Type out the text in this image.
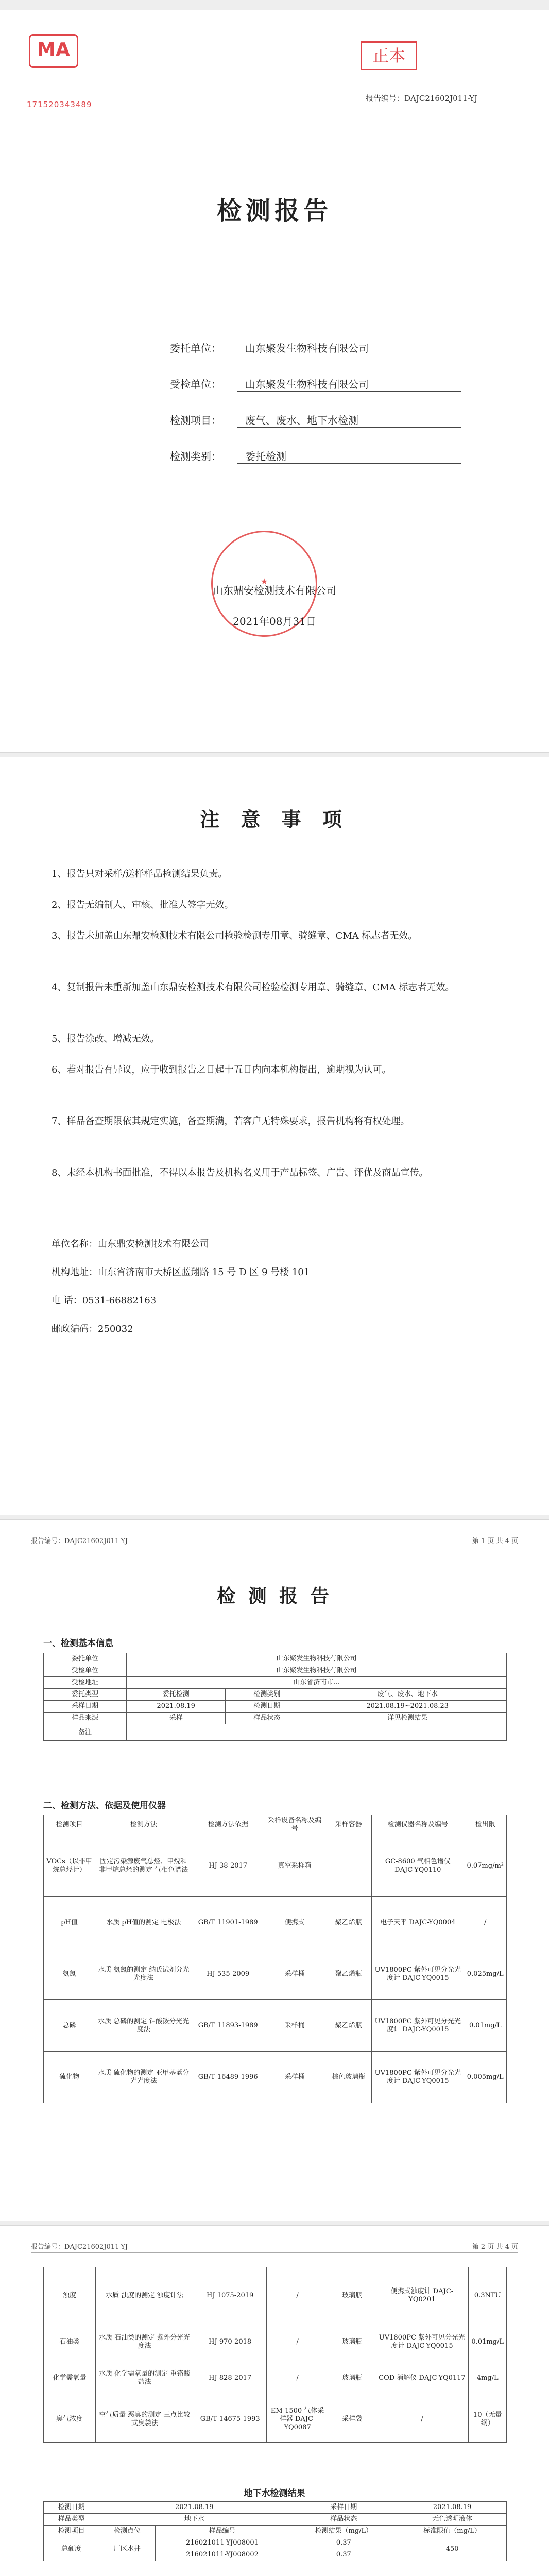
MA
171520343489
正本
报告编号：DAJC21602J011-YJ
检测报告
委托单位： 山东聚发生物科技有限公司
受检单位： 山东聚发生物科技有限公司
检测项目： 废气、废水、地下水检测
检测类别： 委托检测
★
山东鼎安检测技术有限公司
2021年08月31日
注 意 事 项
1、报告只对采样/送样样品检测结果负责。
2、报告无编制人、审核、批准人签字无效。
3、报告未加盖山东鼎安检测技术有限公司检验检测专用章、骑缝章、CMA 标志者无效。
4、复制报告未重新加盖山东鼎安检测技术有限公司检验检测专用章、骑缝章、CMA 标志者无效。
5、报告涂改、增减无效。
6、若对报告有异议，应于收到报告之日起十五日内向本机构提出，逾期视为认可。
7、样品备查期限依其规定实施，备查期满，若客户无特殊要求，报告机构将有权处理。
8、未经本机构书面批准，不得以本报告及机构名义用于产品标签、广告、评优及商品宣传。
单位名称：山东鼎安检测技术有限公司
机构地址：山东省济南市天桥区蓝翔路 15 号 D 区 9 号楼 101
电 话：0531-66882163
邮政编码：250032
报告编号：DAJC21602J011-YJ	第 1 页 共 4 页
检 测 报 告
一、检测基本信息
委托单位	山东聚发生物科技有限公司		
受检单位	山东聚发生物科技有限公司		
受检地址	山东省济南市...		
委托类型	委托检测	检测类别	废气、废水、地下水
采样日期	2021.08.19	检测日期	2021.08.19~2021.08.23
样品来源	采样	样品状态	详见检测结果
备注			
二、检测方法、依据及使用仪器
检测项目	检测方法	检测方法依据	采样设备名称及编号	采样容器	检测仪器名称及编号	检出限
VOCs（以非甲烷总烃计）	固定污染源废气总烃、甲烷和非甲烷总烃的测定 气相色谱法	HJ 38-2017	真空采样箱		GC-8600 气相色谱仪 DAJC-YQ0110	0.07mg/m³
pH值	水质 pH值的测定 电极法	GB/T 11901-1989	便携式	聚乙烯瓶	电子天平 DAJC-YQ0004	/
氨氮	水质 氨氮的测定 纳氏试剂分光光度法	HJ 535-2009	采样桶	聚乙烯瓶	UV1800PC 紫外可见分光光度计 DAJC-YQ0015	0.025mg/L
总磷	水质 总磷的测定 钼酸铵分光光度法	GB/T 11893-1989	采样桶	聚乙烯瓶	UV1800PC 紫外可见分光光度计 DAJC-YQ0015	0.01mg/L
硫化物	水质 硫化物的测定 亚甲基蓝分光光度法	GB/T 16489-1996	采样桶	棕色玻璃瓶	UV1800PC 紫外可见分光光度计 DAJC-YQ0015	0.005mg/L
报告编号：DAJC21602J011-YJ	第 2 页 共 4 页
浊度	水质 浊度的测定 浊度计法	HJ 1075-2019	/	玻璃瓶	便携式浊度计 DAJC-YQ0201	0.3NTU
石油类	水质 石油类的测定 紫外分光光度法	HJ 970-2018	/	玻璃瓶	UV1800PC 紫外可见分光光度计 DAJC-YQ0015	0.01mg/L
化学需氧量	水质 化学需氧量的测定 重铬酸盐法	HJ 828-2017	/	玻璃瓶	COD 消解仪 DAJC-YQ0117	4mg/L
臭气浓度	空气质量 恶臭的测定 三点比较式臭袋法	GB/T 14675-1993	EM-1500 气体采样器 DAJC-YQ0087	采样袋	/	10（无量纲）
地下水检测结果
检测日期	2021.08.19		采样日期	2021.08.19
样品类型	地下水		样品状态	无色透明液体
检测项目	检测点位	样品编号	检测结果（mg/L）	标准限值（mg/L）
总硬度	厂区水井	216021011-YJ008001	0.37	450
		216021011-YJ008002	0.37	
